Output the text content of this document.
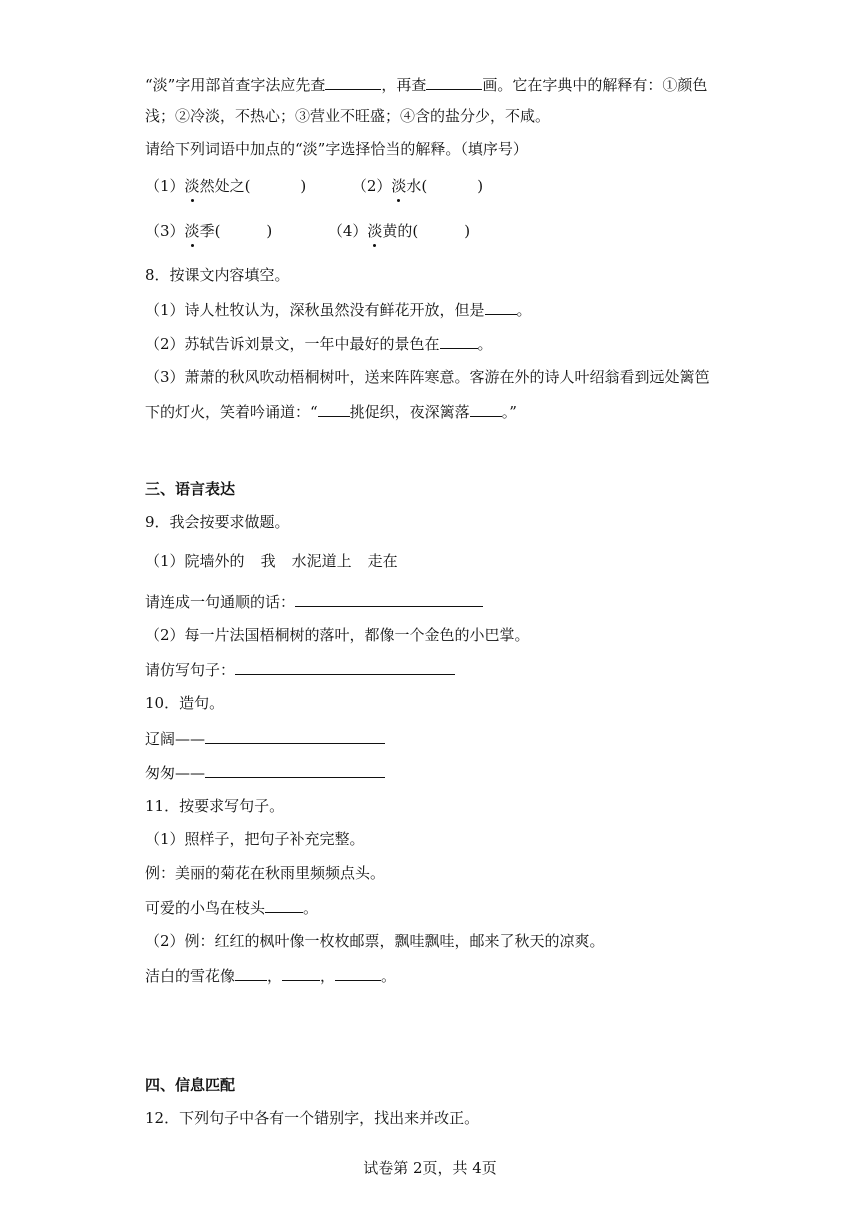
“淡”字用部首查字法应先查	，再查	画。它在字典中的解释有：①颜色
浅；②冷淡，不热心；③营业不旺盛；④含的盐分少，不咸。
请给下列词语中加点的“淡”字选择恰当的解释。（填序号）
（1）淡然处之(	)	（2）淡水(	)
（3）淡季(	)	（4）淡黄的(	)
8．按课文内容填空。
（1）诗人杜牧认为，深秋虽然没有鲜花开放，但是 。
（2）苏轼告诉刘景文，一年中最好的景色在	。
（3）萧萧的秋风吹动梧桐树叶，送来阵阵寒意。客游在外的诗人叶绍翁看到远处篱笆
下的灯火，笑着吟诵道：“ 挑促织，夜深篱落 。”
三、语言表达
9．我会按要求做题。
（1）院墙外的 我 水泥道上 走在
请连成一句通顺的话：
（2）每一片法国梧桐树的落叶，都像一个金色的小巴掌。
请仿写句子：
10．造句。
辽阔——
匆匆——
11．按要求写句子。
（1）照样子，把句子补充完整。
例：美丽的菊花在秋雨里频频点头。
可爱的小鸟在枝头	。
（2）例：红红的枫叶像一枚枚邮票，飘哇飘哇，邮来了秋天的凉爽。
洁白的雪花像 ，	，	。
四、信息匹配
12．下列句子中各有一个错别字，找出来并改正。
试卷第 2页，共 4页
